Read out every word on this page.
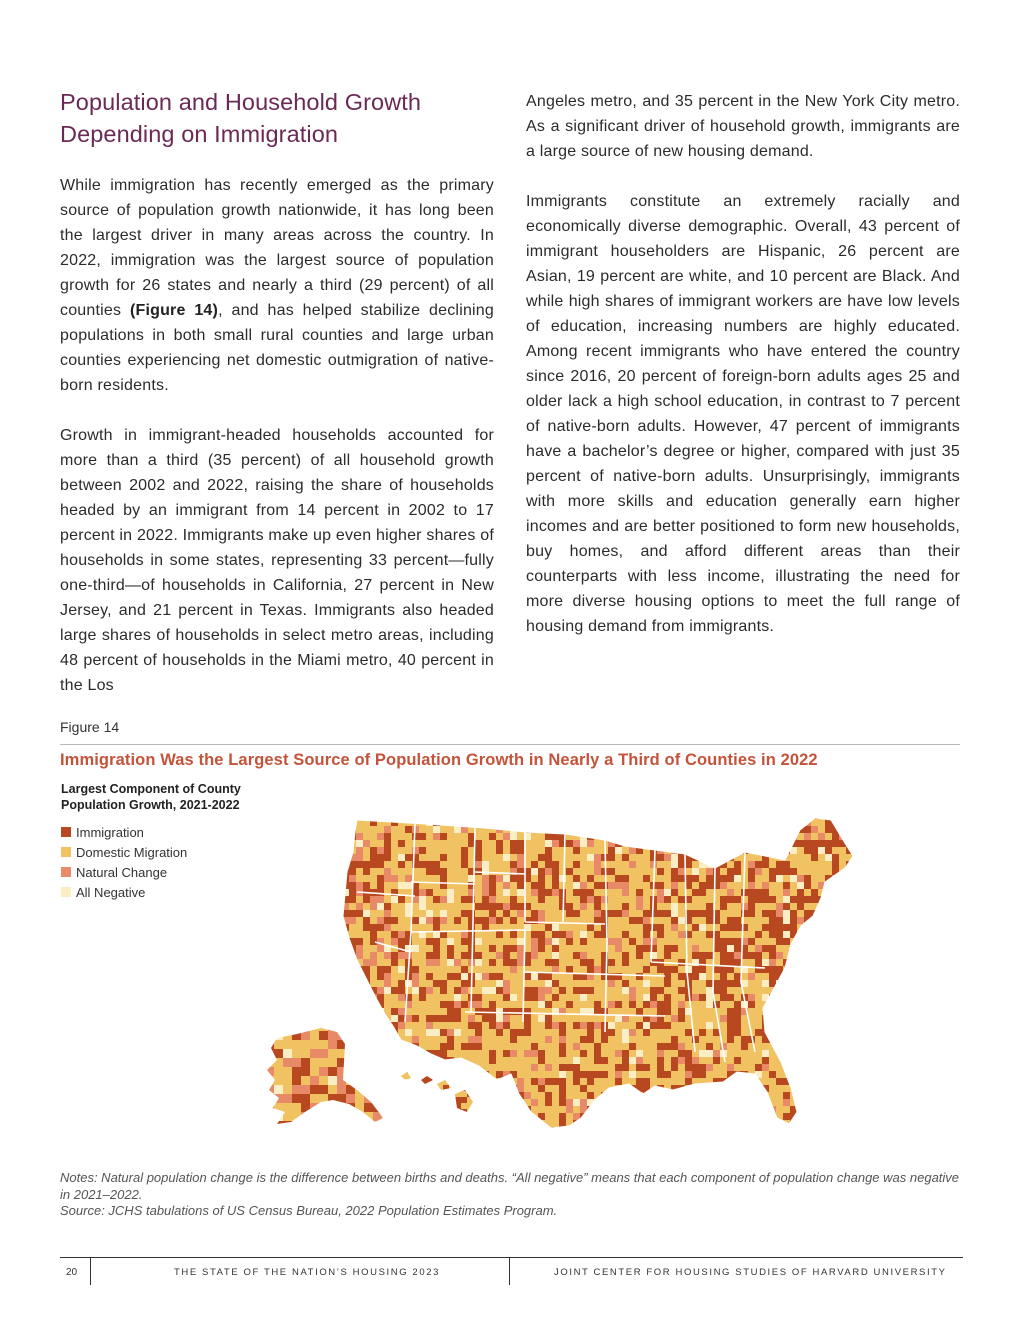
Population and Household Growth Depending on Immigration

While immigration has recently emerged as the primary source of population growth nationwide, it has long been the largest driver in many areas across the country. In 2022, immigration was the largest source of population growth for 26 states and nearly a third (29 percent) of all counties (Figure 14), and has helped stabilize declining populations in both small rural counties and large urban counties experiencing net domestic outmigration of native-born residents.

Growth in immigrant-headed households accounted for more than a third (35 percent) of all household growth between 2002 and 2022, raising the share of households headed by an immigrant from 14 percent in 2002 to 17 percent in 2022. Immigrants make up even higher shares of households in some states, representing 33 percent—fully one-third—of households in California, 27 percent in New Jersey, and 21 percent in Texas. Immigrants also headed large shares of households in select metro areas, including 48 percent of households in the Miami metro, 40 percent in the Los

Angeles metro, and 35 percent in the New York City metro. As a significant driver of household growth, immigrants are a large source of new housing demand.

Immigrants constitute an extremely racially and economically diverse demographic. Overall, 43 percent of immigrant householders are Hispanic, 26 percent are Asian, 19 percent are white, and 10 percent are Black. And while high shares of immigrant workers are have low levels of education, increasing numbers are highly educated. Among recent immigrants who have entered the country since 2016, 20 percent of foreign-born adults ages 25 and older lack a high school education, in contrast to 7 percent of native-born adults. However, 47 percent of immigrants have a bachelor’s degree or higher, compared with just 35 percent of native-born adults. Unsurprisingly, immigrants with more skills and education generally earn higher incomes and are better positioned to form new households, buy homes, and afford different areas than their counterparts with less income, illustrating the need for more diverse housing options to meet the full range of housing demand from immigrants.

Figure 14
Immigration Was the Largest Source of Population Growth in Nearly a Third of Counties in 2022
Largest Component of County
Population Growth, 2021-2022
Immigration
Domestic Migration
Natural Change
All Negative
Notes: Natural population change is the difference between births and deaths. “All negative” means that each component of population change was negative in 2021–2022.
Source: JCHS tabulations of US Census Bureau, 2022 Population Estimates Program.
20	THE STATE OF THE NATION’S HOUSING 2023	JOINT CENTER FOR HOUSING STUDIES OF HARVARD UNIVERSITY
